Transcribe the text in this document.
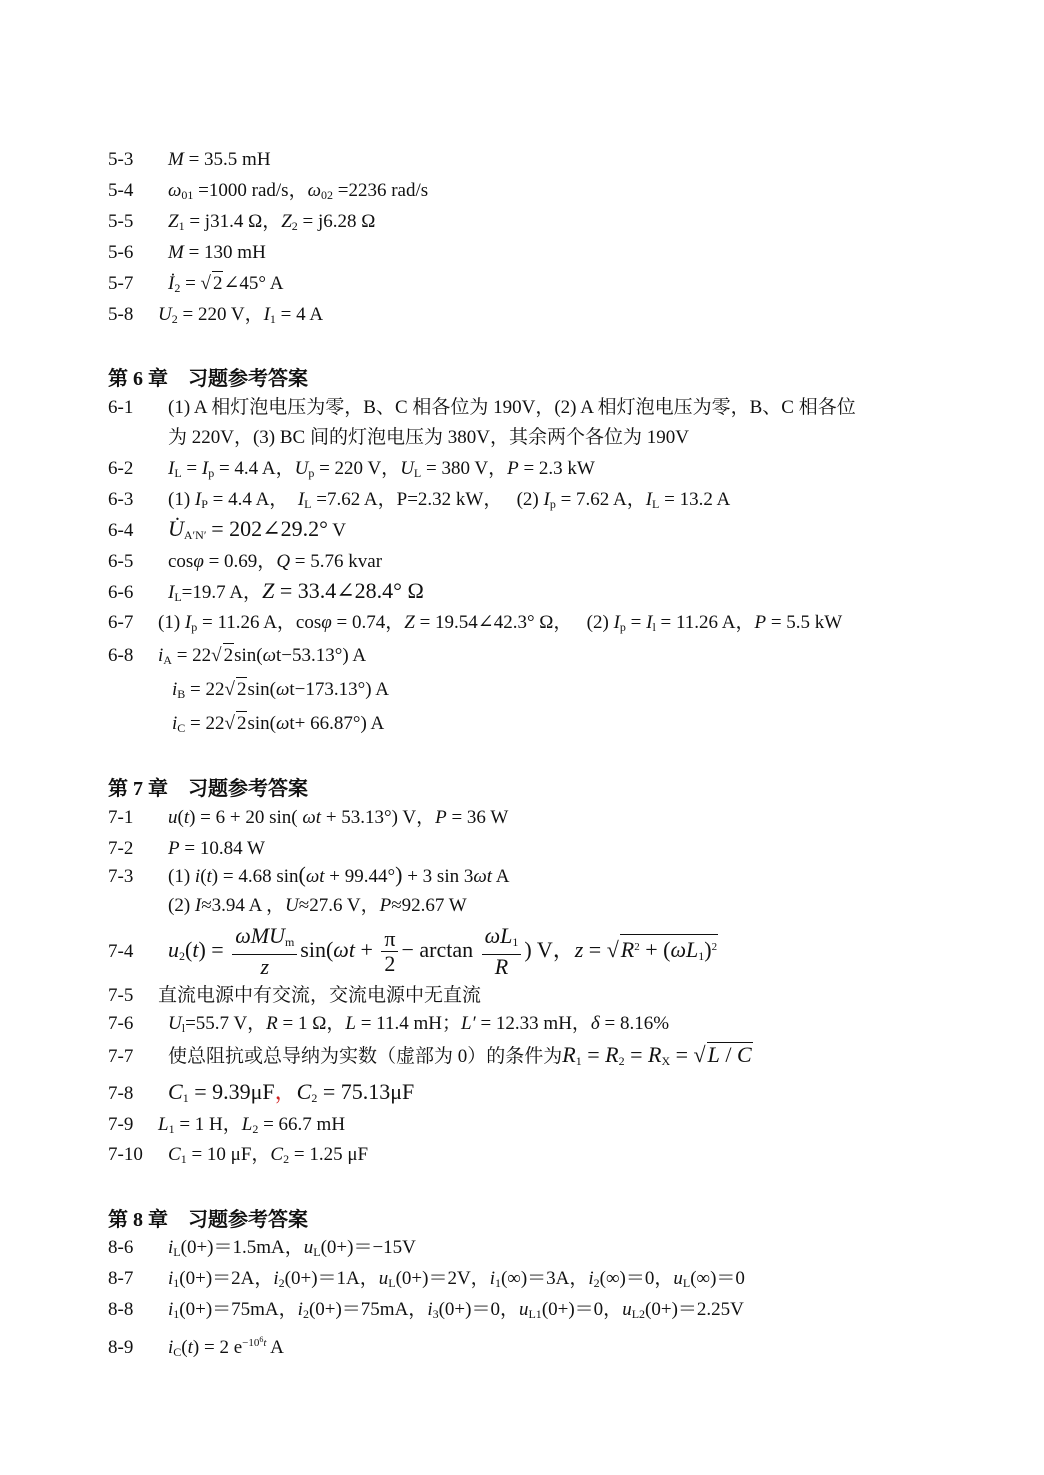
5-3 M = 35.5 mH
5-4 $\omega_{01} =1000$ rad/s，$\omega_{02} =2236$ rad/s
5-5 $Z_1 = j31.4$ Ω，$Z_2 = j6.28$ Ω
5-6 M = 130 mH
5-7 $İ_2$ = √ 2∠45° A
5-8 $U_2 = 220$ V，$I_1 = 4$ A
第 6 章　习题参考答案
6-1 (1) A 相灯泡电压为零，B、C 相各位为 190V，(2) A 相灯泡电压为零，B、C 相各位
为 220V，(3) BC 间的灯泡电压为 380V，其余两个各位为 190V
6-2 $I_L = I_p = 4.4$ A，$U_p = 220$ V，$U_L = 380$ V，P = 2.3 kW
6-3 (1) $I_P = 4.4$ A，  $I_L =7.62$ A，P=2.32 kW，   (2) $I_p = 7.62$ A，$I_L = 13.2$ A
6-4 $U̇_{A'N'}$ = 202∠29.2° V
6-5 cosφ = 0.69，Q = 5.76 kvar
6-6 $I_L=19.7$ A，Z = 33.4∠28.4° Ω
6-7 (1) $I_p = 11.26$ A，cosφ = 0.74，Z = 19.54∠42.3° Ω，   (2) $I_p = I_l = 11.26$ A，P = 5.5 kW
6-8 $i_A = 22√$ 2sin(ωt−53.13°) A
$i_B = 22√$ 2sin(ωt−173.13°) A
$i_C = 22√$ 2sin(ωt+ 66.87°) A
第 7 章　习题参考答案
7-1 u(t) = 6 + 20 sin( ωt + 53.13°) V，P = 36 W
7-2 P = 10.84 W
7-3 (1) i(t) = 4.68 sin(ωt + 99.44°) + 3 sin 3ωt A
(2) I≈3.94 A ，U≈27.6 V，P≈92.67 W
7-4 $u_2(t) = \frac{\omega MU_m}{z} \sin(\omega t + \frac{\pi}{2} - \arctan \frac{\omega L_1}{R}$ ) V，$z = √R^2 + (\omega L_1)^2$
7-5 直流电源中有交流，交流电源中无直流
7-6 $U_l=55.7$ V，R = 1 Ω，L = 11.4 mH；L′ = 12.33 mH，δ = 8.16%
7-7 使总阻抗或总导纳为实数（虚部为 0）的条件为$R_1 = R_2 = R_X = √L / C$
7-8 $C_1 = 9.39\mu F$，$C_2 = 75.13\mu F$
7-9 $L_1 = 1$ H，$L_2 = 66.7$ mH
7-10 $C_1 = 10$ μF，$C_2 = 1.25$ μF
第 8 章　习题参考答案
8-6 $i_L(0+)=1.5mA$，$u_L(0+)=-15V$
8-7 $i_1(0+)=2A$，$i_2(0+)=1A$，$u_L(0+)=2V$，$i_1(\infty)=3A$，$i_2(\infty)=0$，$u_L(\infty)=0$
8-8 $i_1(0+)=75mA$，$i_2(0+)=75mA$，$i_3(0+)=0$，$u_{L1}(0+)=0$，$u_{L2}(0+)=2.25V$
8-9 $i_C(t) = 2$ $e^{-10^6t}$ A
